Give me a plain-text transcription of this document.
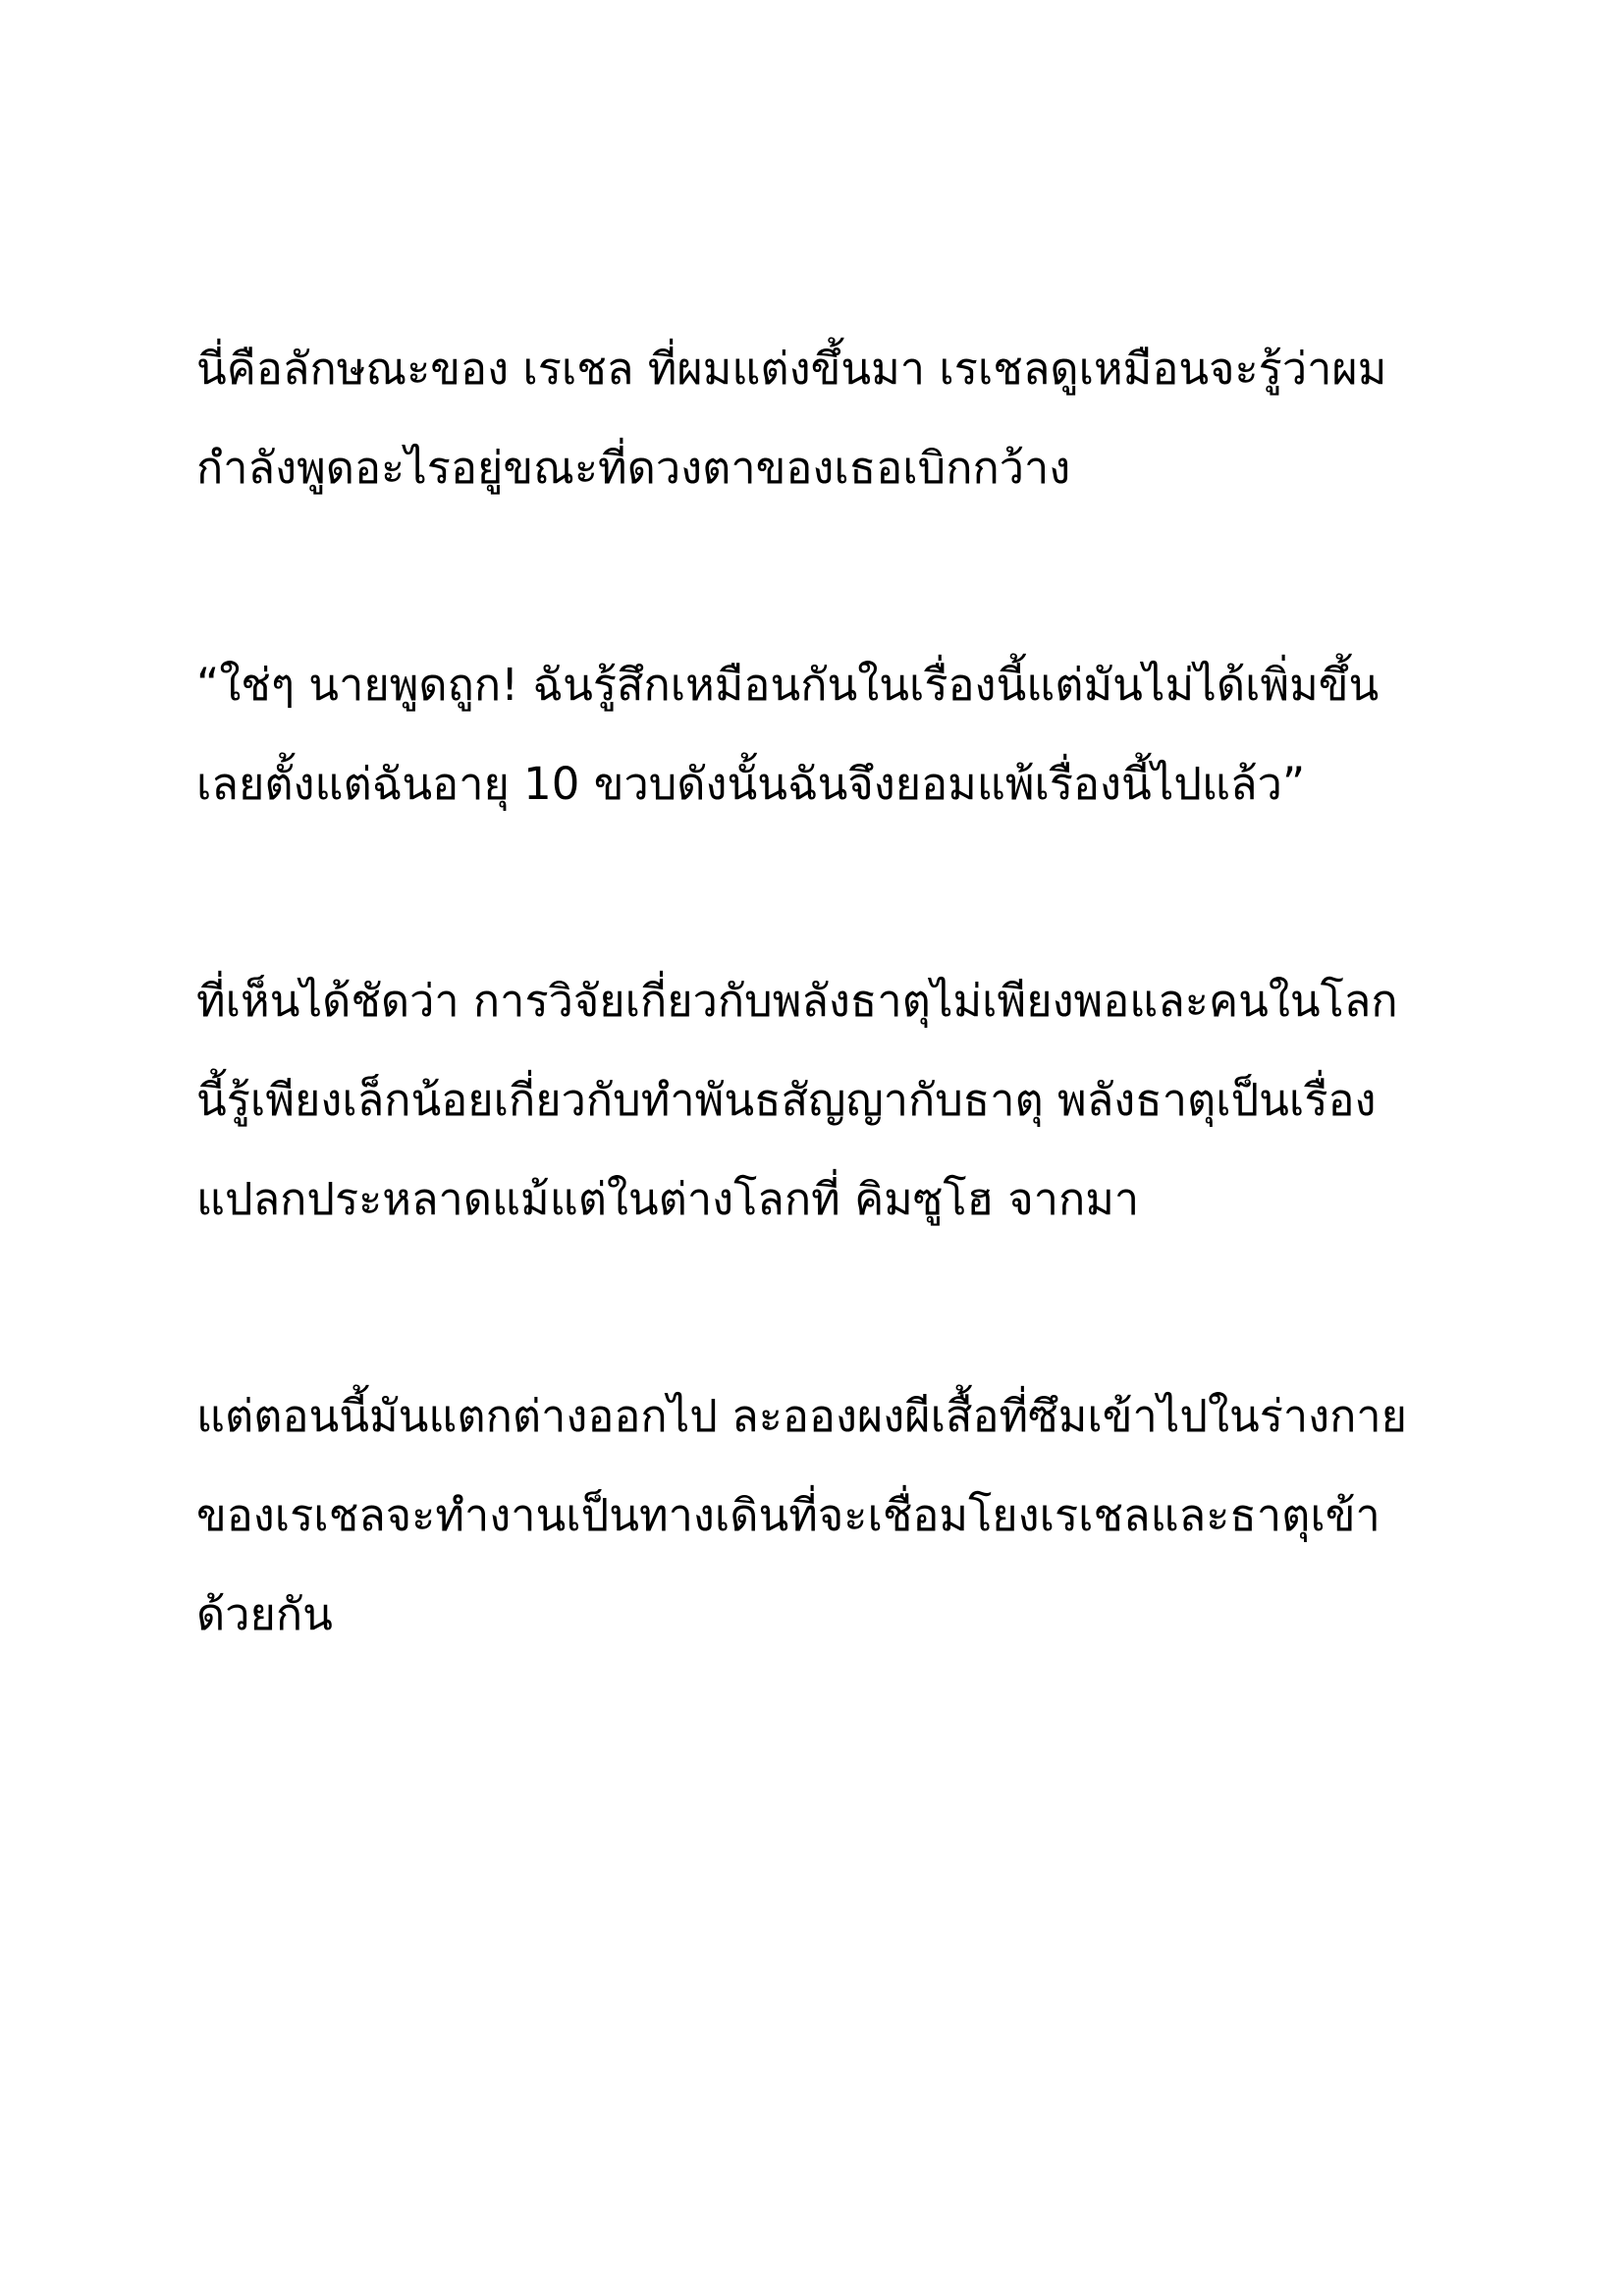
นี่คือลักษณะของ เรเชล ที่ผมแต่งขึ้นมา เรเชลดูเหมือนจะรู้ว่าผม
กำลังพูดอะไรอยู่ขณะที่ดวงตาของเธอเบิกกว้าง
“ใช่ๆ นายพูดถูก! ฉันรู้สึกเหมือนกันในเรื่องนี้แต่มันไม่ได้เพิ่มขึ้น
เลยตั้งแต่ฉันอายุ 10 ขวบดังนั้นฉันจึงยอมแพ้เรื่องนี้ไปแล้ว”
ที่เห็นได้ชัดว่า การวิจัยเกี่ยวกับพลังธาตุไม่เพียงพอและคนในโลก
นี้รู้เพียงเล็กน้อยเกี่ยวกับทำพันธสัญญากับธาตุ พลังธาตุเป็นเรื่อง
แปลกประหลาดแม้แต่ในต่างโลกที่ คิมซูโฮ จากมา
แต่ตอนนี้มันแตกต่างออกไป ละอองผงผีเสื้อที่ซึมเข้าไปในร่างกาย
ของเรเชลจะทำงานเป็นทางเดินที่จะเชื่อมโยงเรเชลและธาตุเข้า
ด้วยกัน
